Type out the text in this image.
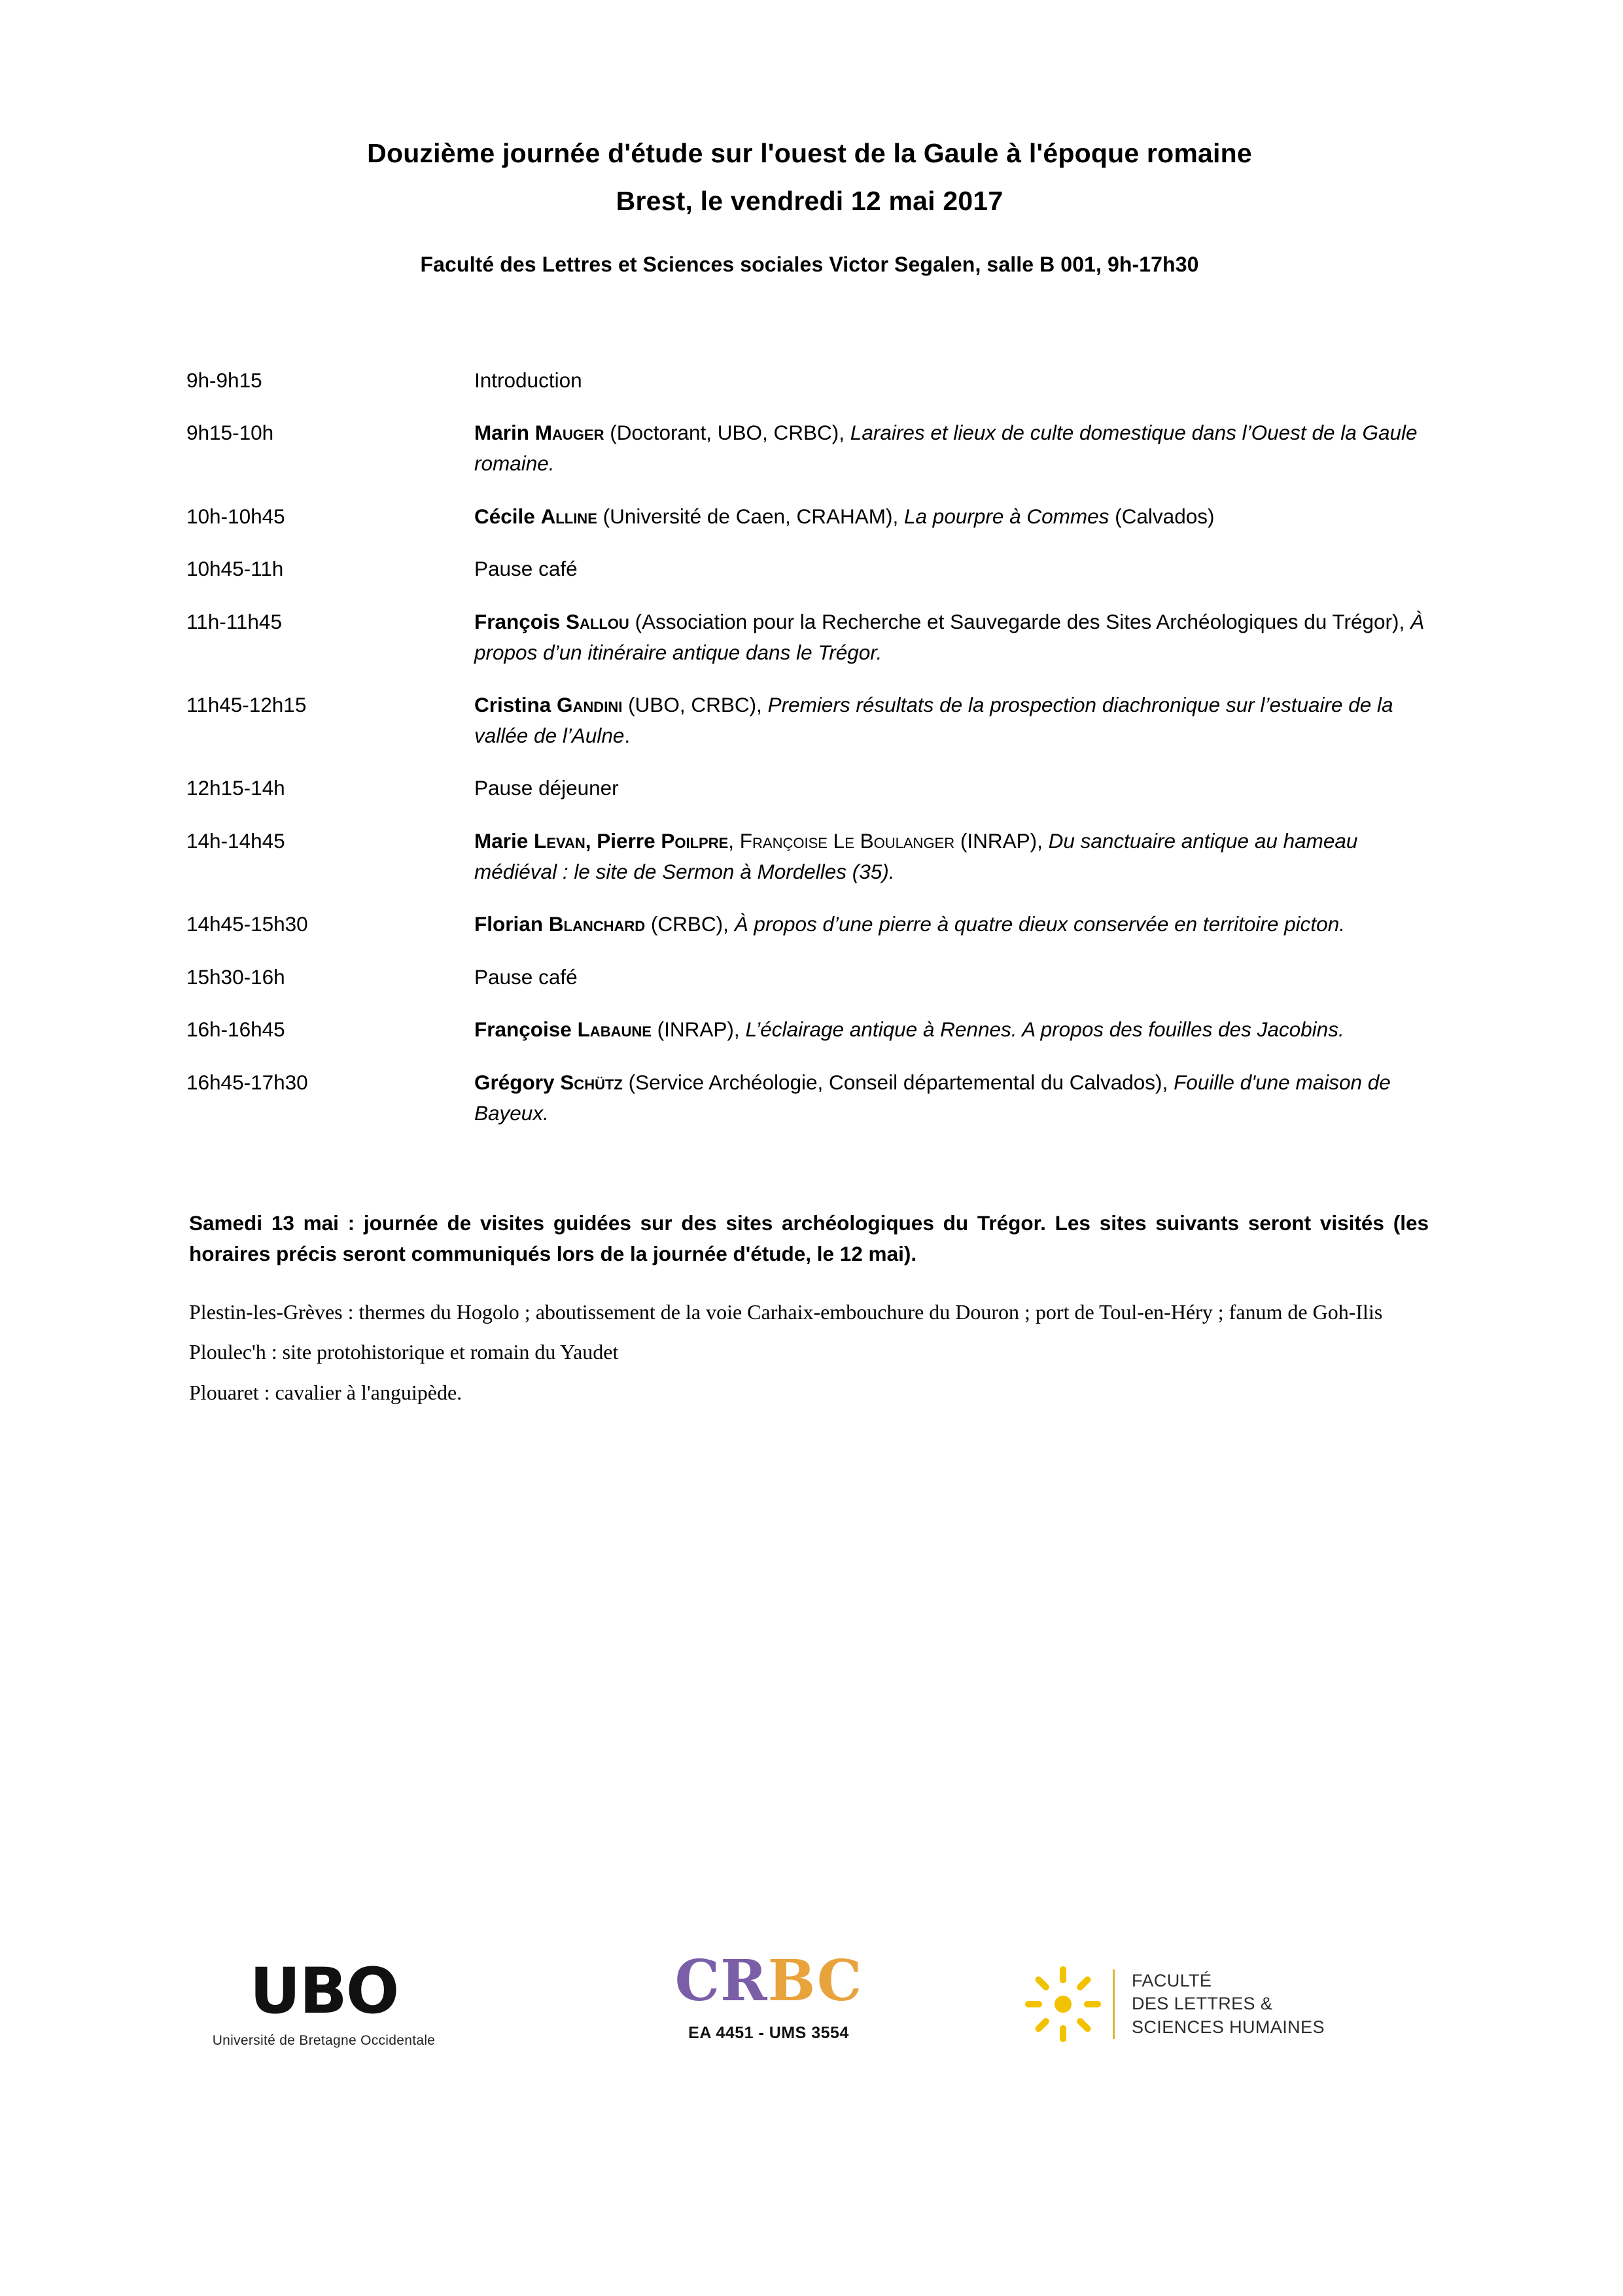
Douzième journée d'étude sur l'ouest de la Gaule à l'époque romaine
Brest, le vendredi 12 mai 2017
Faculté des Lettres et Sciences sociales Victor Segalen, salle B 001, 9h-17h30
9h-9h15	Introduction
9h15-10h	Marin Mauger (Doctorant, UBO, CRBC), Laraires et lieux de culte domestique dans l’Ouest de la Gaule romaine.
10h-10h45	Cécile Alline (Université de Caen, CRAHAM), La pourpre à Commes (Calvados)
10h45-11h	Pause café
11h-11h45	François Sallou (Association pour la Recherche et Sauvegarde des Sites Archéologiques du Trégor), À propos d’un itinéraire antique dans le Trégor.
11h45-12h15	Cristina Gandini (UBO, CRBC), Premiers résultats de la prospection diachronique sur l’estuaire de la vallée de l’Aulne.
12h15-14h	Pause déjeuner
14h-14h45	Marie Levan, Pierre Poilpre, Françoise Le Boulanger (INRAP), Du sanctuaire antique au hameau médiéval : le site de Sermon à Mordelles (35).
14h45-15h30	Florian Blanchard (CRBC), À propos d’une pierre à quatre dieux conservée en territoire picton.
15h30-16h	Pause café
16h-16h45	Françoise Labaune (INRAP), L’éclairage antique à Rennes. A propos des fouilles des Jacobins.
16h45-17h30	Grégory Schütz (Service Archéologie, Conseil départemental du Calvados), Fouille d'une maison de Bayeux.
Samedi 13 mai : journée de visites guidées sur des sites archéologiques du Trégor. Les sites suivants seront visités (les horaires précis seront communiqués lors de la journée d'étude, le 12 mai).

Plestin-les-Grèves : thermes du Hogolo ; aboutissement de la voie Carhaix-embouchure du Douron ; port de Toul-en-Héry ; fanum de Goh-Ilis

Ploulec'h : site protohistorique et romain du Yaudet

Plouaret : cavalier à l'anguipède.

UBO
Université de Bretagne Occidentale
CRBC
EA 4451 - UMS 3554
FACULTÉ
DES LETTRES &
SCIENCES HUMAINES
